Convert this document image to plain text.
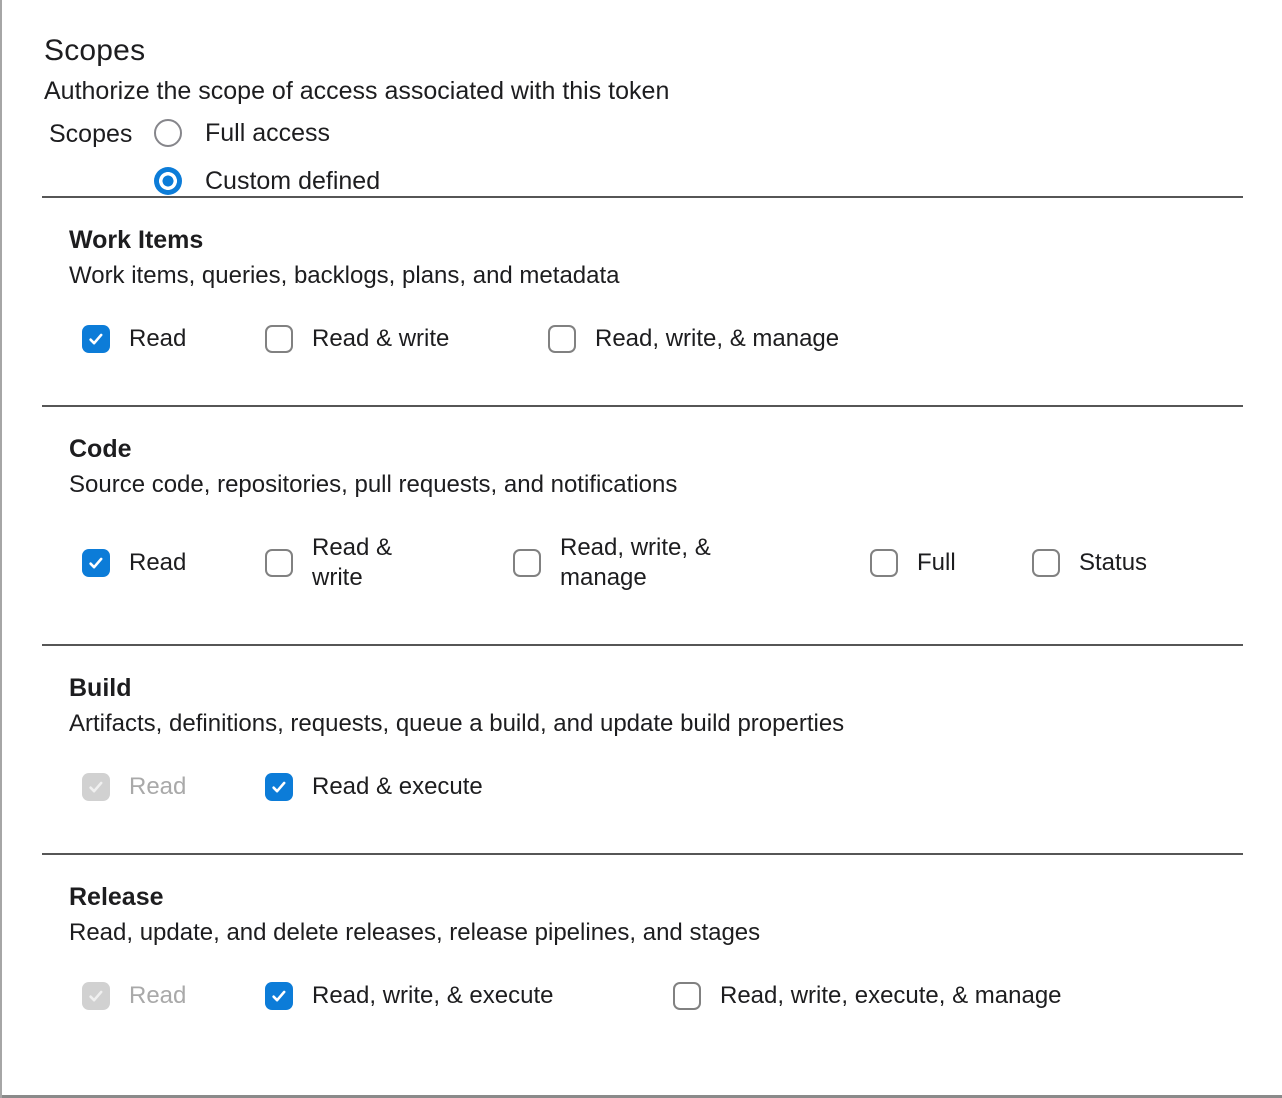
Scopes

Authorize the scope of access associated with this token

Scopes	Full access
Custom defined
Work Items

Work items, queries, backlogs, plans, and metadata

Read	Read & write	Read, write, & manage
Code

Source code, repositories, pull requests, and notifications

Read
Read & write
Read, write, & manage
Full	Status
Build

Artifacts, definitions, requests, queue a build, and update build properties

Read	Read & execute
Release

Read, update, and delete releases, release pipelines, and stages

Read	Read, write, & execute	Read, write, execute, & manage
